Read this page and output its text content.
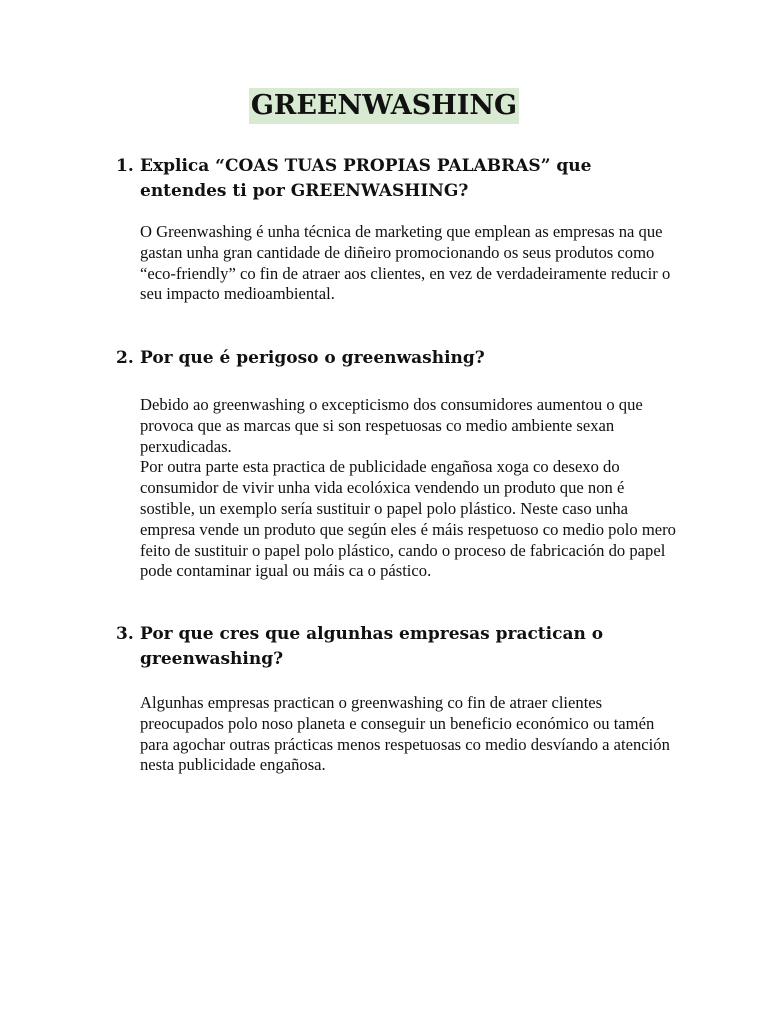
GREENWASHING
1. Explica “COAS TUAS PROPIAS PALABRAS” que entendes ti por GREENWASHING?

O Greenwashing é unha técnica de marketing que emplean as empresas na que gastan unha gran cantidade de diñeiro promocionando os seus produtos como “eco-friendly” co fin de atraer aos clientes, en vez de verdadeiramente reducir o seu impacto medioambiental.

2. Por que é perigoso o greenwashing?

Debido ao greenwashing o excepticismo dos consumidores aumentou o que provoca que as marcas que si son respetuosas co medio ambiente sexan perxudicadas.

Por outra parte esta practica de publicidade engañosa xoga co desexo do consumidor de vivir unha vida ecolóxica vendendo un produto que non é sostible, un exemplo sería sustituir o papel polo plástico. Neste caso unha empresa vende un produto que según eles é máis respetuoso co medio polo mero feito de sustituir o papel polo plástico, cando o proceso de fabricación do papel pode contaminar igual ou máis ca o pástico.

3. Por que cres que algunhas empresas practican o greenwashing?

Algunhas empresas practican o greenwashing co fin de atraer clientes preocupados polo noso planeta e conseguir un beneficio económico ou tamén para agochar outras prácticas menos respetuosas co medio desvíando a atención nesta publicidade engañosa.
